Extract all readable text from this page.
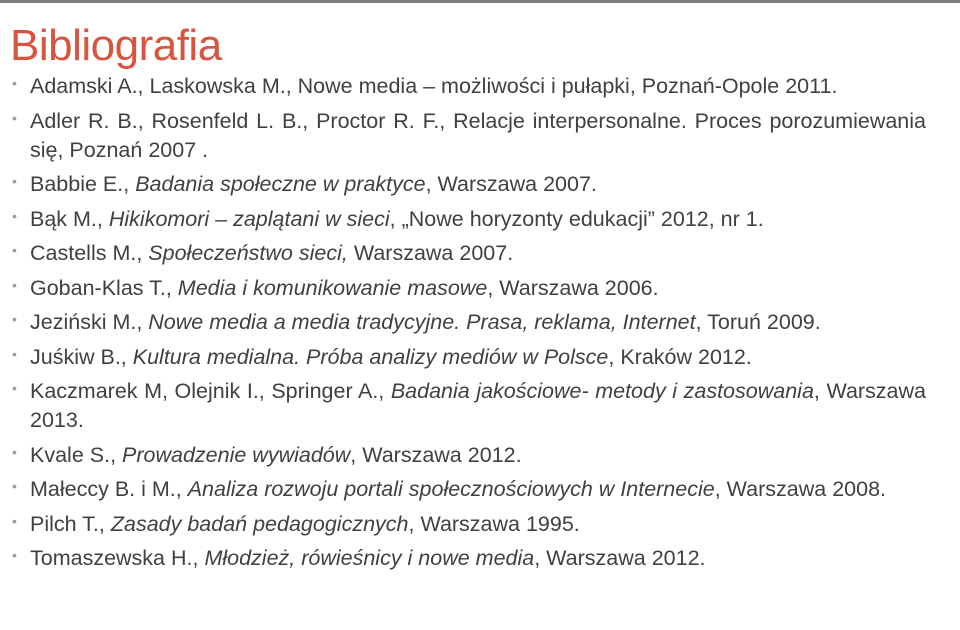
Bibliografia
• Adamski A., Laskowska M., Nowe media – możliwości i pułapki, Poznań-Opole 2011.
• Adler R. B., Rosenfeld L. B., Proctor R. F., Relacje interpersonalne. Proces porozumiewania się, Poznań 2007 .
• Babbie E., Badania społeczne w praktyce, Warszawa 2007.
• Bąk M., Hikikomori – zaplątani w sieci, „Nowe horyzonty edukacji” 2012, nr 1.
• Castells M., Społeczeństwo sieci, Warszawa 2007.
• Goban-Klas T., Media i komunikowanie masowe, Warszawa 2006.
• Jeziński M., Nowe media a media tradycyjne. Prasa, reklama, Internet, Toruń 2009.
• Juśkiw B., Kultura medialna. Próba analizy mediów w Polsce, Kraków 2012.
• Kaczmarek M, Olejnik I., Springer A., Badania jakościowe- metody i zastosowania, Warszawa 2013.
• Kvale S., Prowadzenie wywiadów, Warszawa 2012.
• Małeccy B. i M., Analiza rozwoju portali społecznościowych w Internecie, Warszawa 2008.
• Pilch T., Zasady badań pedagogicznych, Warszawa 1995.
• Tomaszewska H., Młodzież, rówieśnicy i nowe media, Warszawa 2012.
